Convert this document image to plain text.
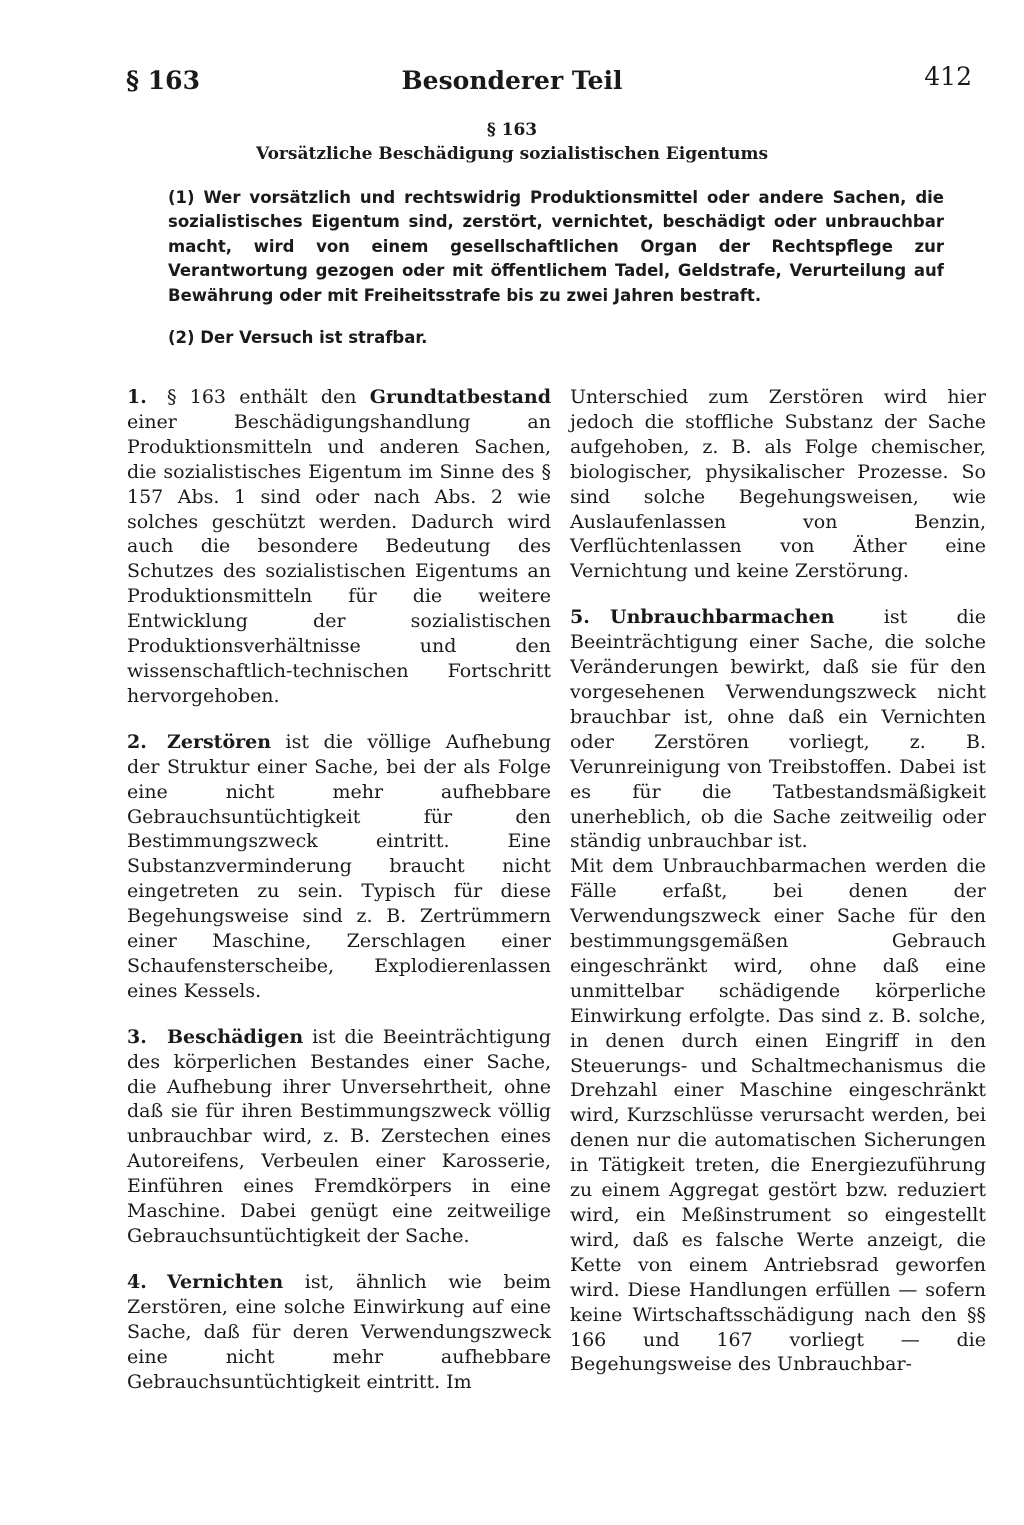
§ 163	Besonderer Teil	412
§ 163
Vorsätzliche Beschädigung sozialistischen Eigentums

(1) Wer vorsätzlich und rechtswidrig Produktionsmittel oder andere Sachen, die sozialistisches Eigentum sind, zerstört, vernichtet, beschädigt oder unbrauchbar macht, wird von einem gesellschaftlichen Organ der Rechtspflege zur Verantwortung gezogen oder mit öffentlichem Tadel, Geldstrafe, Verurteilung auf Bewährung oder mit Freiheitsstrafe bis zu zwei Jahren bestraft.

(2) Der Versuch ist strafbar.

1. § 163 enthält den Grundtatbestand einer Beschädigungshandlung an Produktionsmitteln und anderen Sachen, die sozialistisches Eigentum im Sinne des § 157 Abs. 1 sind oder nach Abs. 2 wie solches geschützt werden. Dadurch wird auch die besondere Bedeutung des Schutzes des sozialistischen Eigentums an Produktionsmitteln für die weitere Entwicklung der sozialistischen Produktionsverhältnisse und den wissenschaftlich-technischen Fortschritt hervorgehoben.

2. Zerstören ist die völlige Aufhebung der Struktur einer Sache, bei der als Folge eine nicht mehr aufhebbare Gebrauchsuntüchtigkeit für den Bestimmungszweck eintritt. Eine Substanzverminderung braucht nicht eingetreten zu sein. Typisch für diese Begehungsweise sind z. B. Zertrümmern einer Maschine, Zerschlagen einer Schaufensterscheibe, Explodierenlassen eines Kessels.

3. Beschädigen ist die Beeinträchtigung des körperlichen Bestandes einer Sache, die Aufhebung ihrer Unversehrtheit, ohne daß sie für ihren Bestimmungszweck völlig unbrauchbar wird, z. B. Zerstechen eines Autoreifens, Verbeulen einer Karosserie, Einführen eines Fremdkörpers in eine Maschine. Dabei genügt eine zeitweilige Gebrauchsuntüchtigkeit der Sache.

4. Vernichten ist, ähnlich wie beim Zerstören, eine solche Einwirkung auf eine Sache, daß für deren Verwendungszweck eine nicht mehr aufhebbare Gebrauchsuntüchtigkeit eintritt. Im

Unterschied zum Zerstören wird hier jedoch die stoffliche Substanz der Sache aufgehoben, z. B. als Folge chemischer, biologischer, physikalischer Prozesse. So sind solche Begehungsweisen, wie Auslaufenlassen von Benzin, Verflüchtenlassen von Äther eine Vernichtung und keine Zerstörung.

5. Unbrauchbarmachen ist die Beeinträchtigung einer Sache, die solche Veränderungen bewirkt, daß sie für den vorgesehenen Verwendungszweck nicht brauchbar ist, ohne daß ein Vernichten oder Zerstören vorliegt, z. B. Verunreinigung von Treibstoffen. Dabei ist es für die Tatbestandsmäßigkeit unerheblich, ob die Sache zeitweilig oder ständig unbrauchbar ist.

Mit dem Unbrauchbarmachen werden die Fälle erfaßt, bei denen der Verwendungszweck einer Sache für den bestimmungsgemäßen Gebrauch eingeschränkt wird, ohne daß eine unmittelbar schädigende körperliche Einwirkung erfolgte. Das sind z. B. solche, in denen durch einen Eingriff in den Steuerungs- und Schaltmechanismus die Drehzahl einer Maschine eingeschränkt wird, Kurzschlüsse verursacht werden, bei denen nur die automatischen Sicherungen in Tätigkeit treten, die Energiezuführung zu einem Aggregat gestört bzw. reduziert wird, ein Meßinstrument so eingestellt wird, daß es falsche Werte anzeigt, die Kette von einem Antriebsrad geworfen wird. Diese Handlungen erfüllen — sofern keine Wirtschaftsschädigung nach den §§ 166 und 167 vorliegt — die Begehungsweise des Unbrauchbar-
